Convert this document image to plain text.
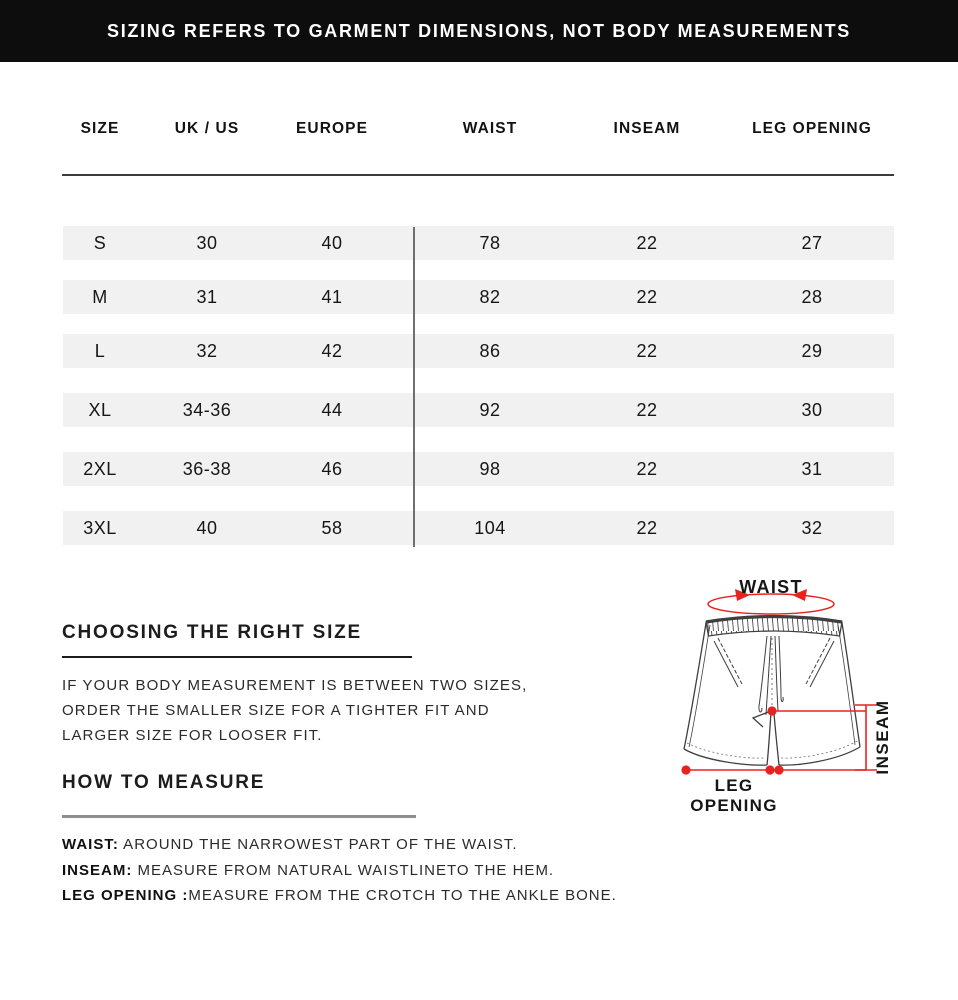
SIZING REFERS TO GARMENT DIMENSIONS, NOT BODY MEASUREMENTS
SIZE	UK / US	EUROPE	WAIST	INSEAM	LEG OPENING
S	30	40	78	22	27
M	31	41	82	22	28
L	32	42	86	22	29
XL	34-36	44	92	22	30
2XL	36-38	46	98	22	31
3XL	40	58	104	22	32
CHOOSING THE RIGHT SIZE
IF YOUR BODY MEASUREMENT IS BETWEEN TWO SIZES,
ORDER THE SMALLER SIZE FOR A TIGHTER FIT AND
LARGER SIZE FOR LOOSER FIT.
HOW TO MEASURE
WAIST: AROUND THE NARROWEST PART OF THE WAIST.
INSEAM: MEASURE FROM NATURAL WAISTLINETO THE HEM.
LEG OPENING :MEASURE FROM THE CROTCH TO THE ANKLE BONE.
WAIST
INSEAM
LEG
OPENING
